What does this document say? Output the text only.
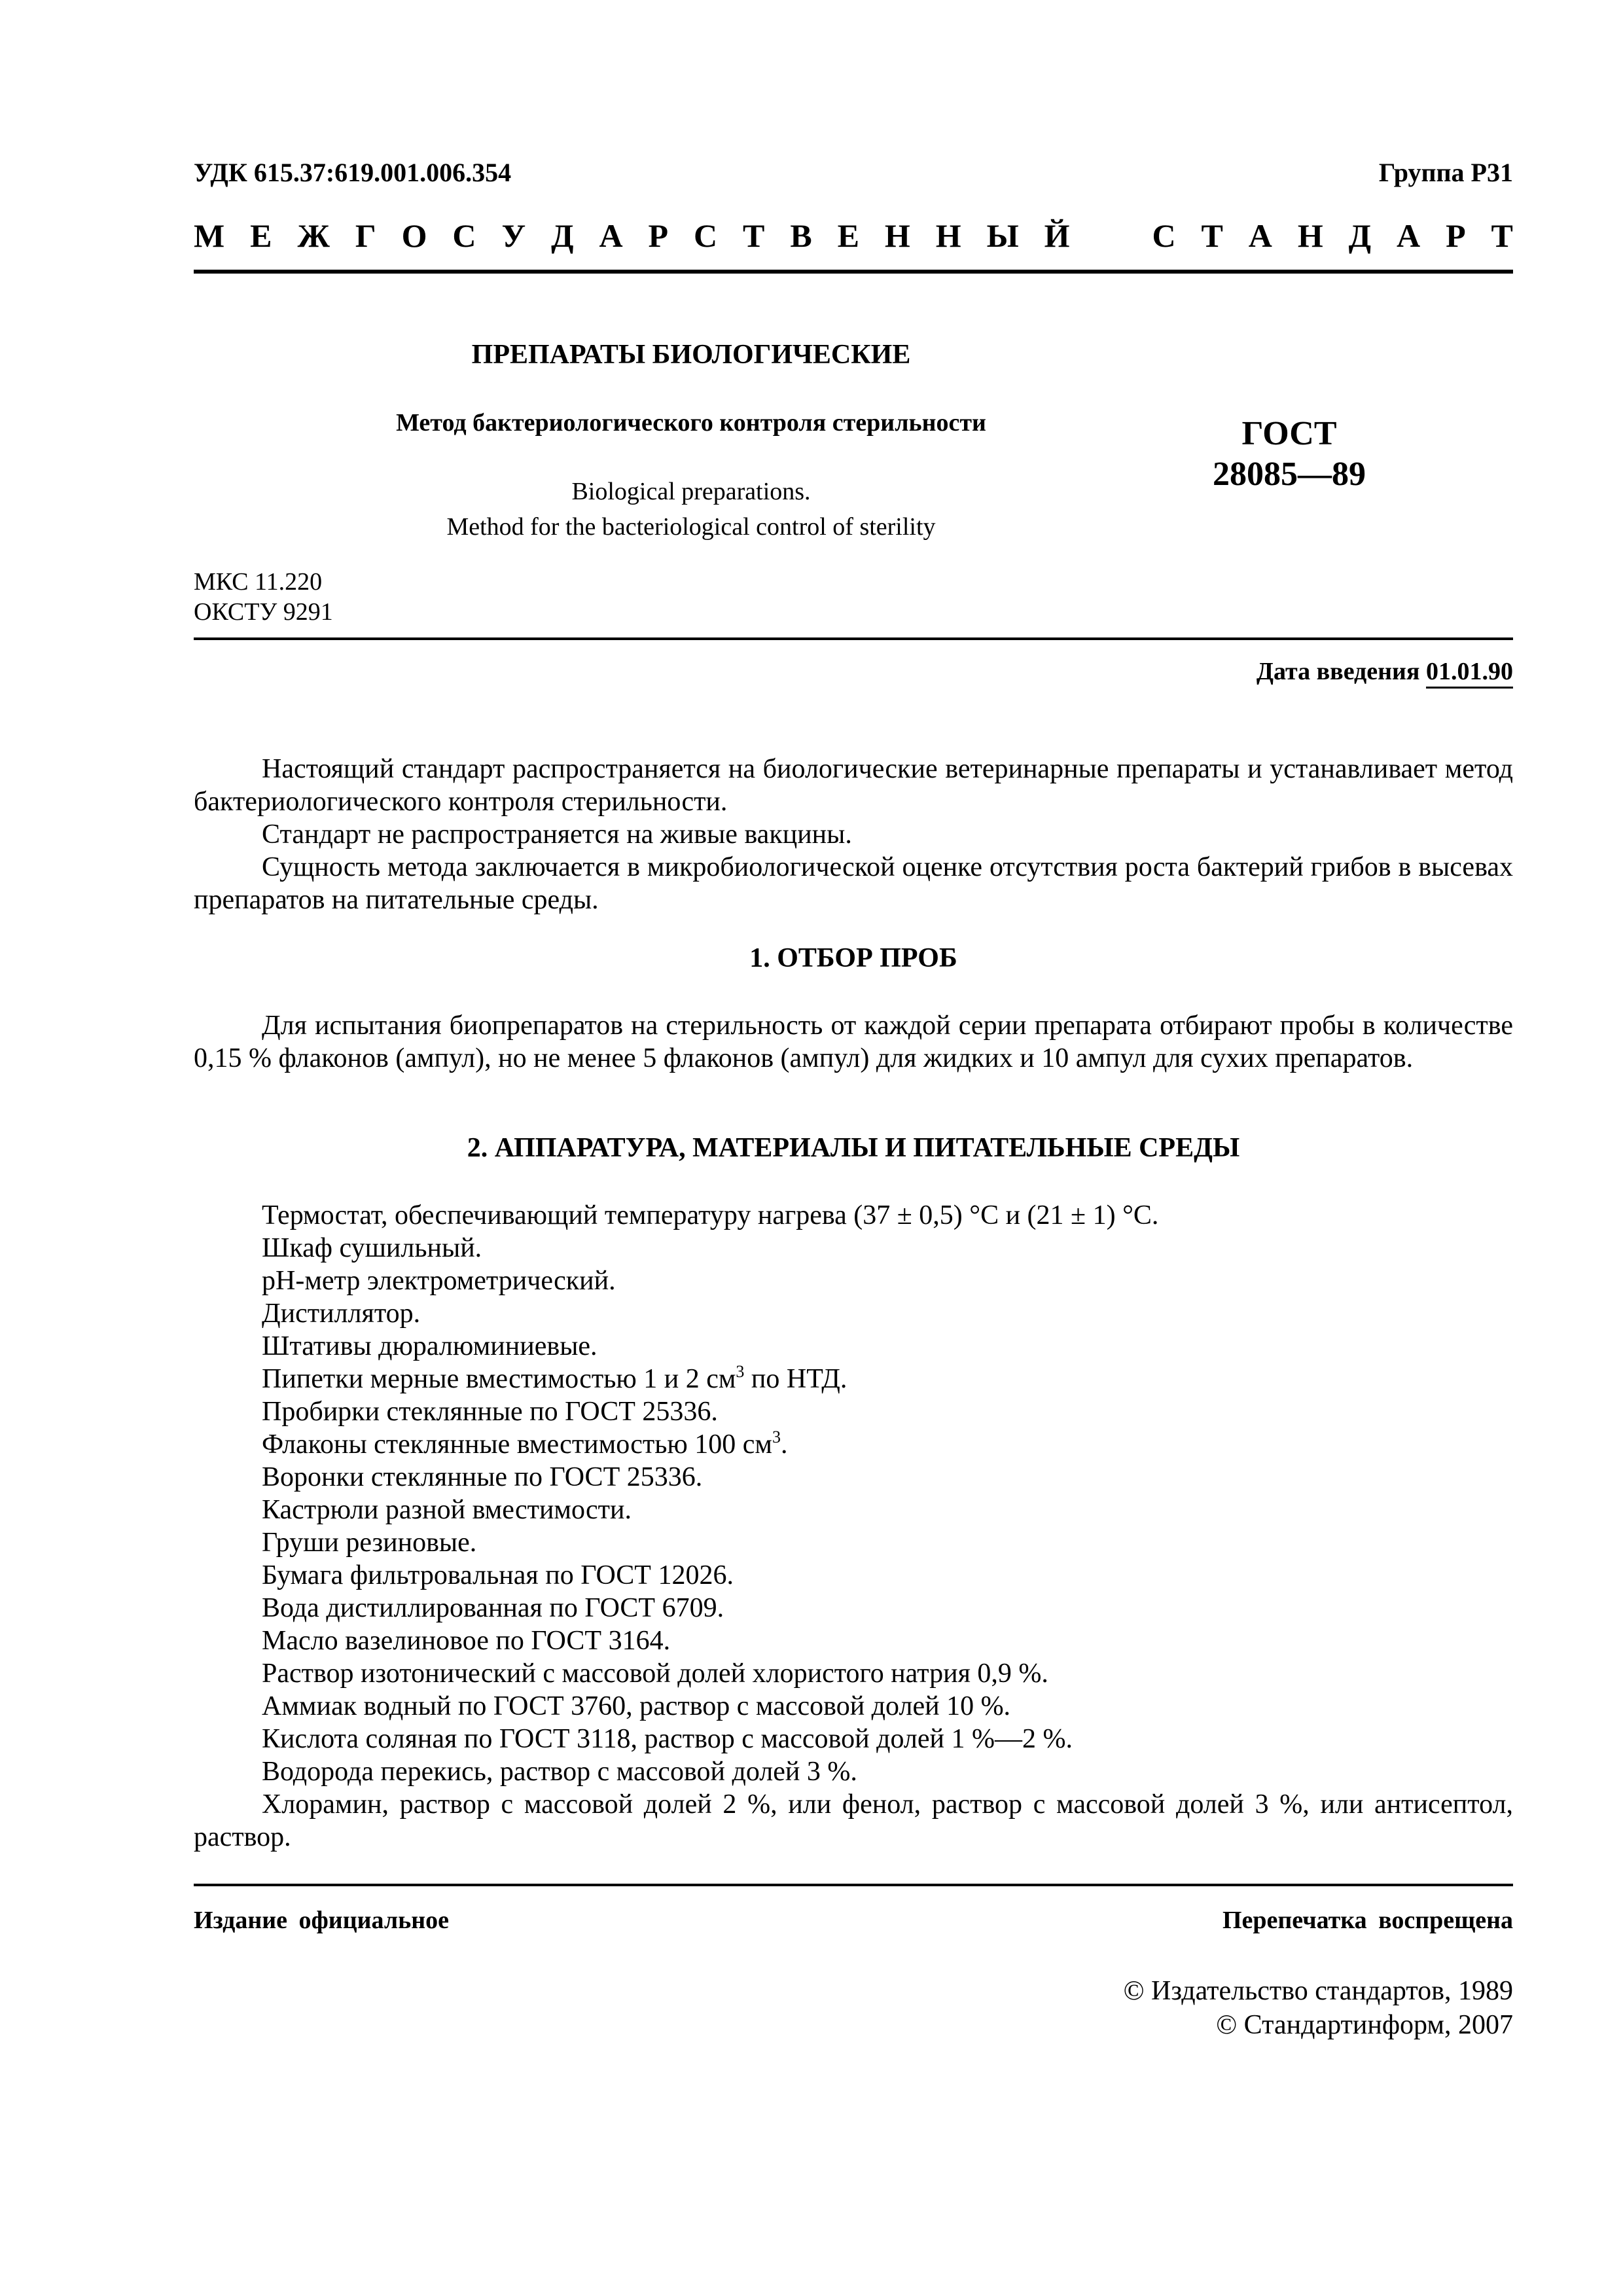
УДК 615.37:619.001.006.354	Группа Р31
М Е Ж Г О С У Д А Р С Т В Е Н Н Ы Й	С Т А Н Д А Р Т
ПРЕПАРАТЫ БИОЛОГИЧЕСКИЕ
Метод бактериологического контроля стерильности
Biological preparations.
Method for the bacteriological control of sterility
ГОСТ
28085—89
МКС 11.220
ОКСТУ 9291
Дата введения 01.01.90

Настоящий стандарт распространяется на биологические ветеринарные препараты и устанавливает метод бактериологического контроля стерильности.

Стандарт не распространяется на живые вакцины.

Сущность метода заключается в микробиологической оценке отсутствия роста бактерий грибов в высевах препаратов на питательные среды.

1. ОТБОР ПРОБ

Для испытания биопрепаратов на стерильность от каждой серии препарата отбирают пробы в количестве 0,15 % флаконов (ампул), но не менее 5 флаконов (ампул) для жидких и 10 ампул для сухих препаратов.

2. АППАРАТУРА, МАТЕРИАЛЫ И ПИТАТЕЛЬНЫЕ СРЕДЫ

Термостат, обеспечивающий температуру нагрева (37 ± 0,5) °С и (21 ± 1) °С.

Шкаф сушильный.

рН-метр электрометрический.

Дистиллятор.

Штативы дюралюминиевые.

Пипетки мерные вместимостью 1 и 2 $см^3$ по НТД.

Пробирки стеклянные по ГОСТ 25336.

Флаконы стеклянные вместимостью 100 $см^3$.

Воронки стеклянные по ГОСТ 25336.

Кастрюли разной вместимости.

Груши резиновые.

Бумага фильтровальная по ГОСТ 12026.

Вода дистиллированная по ГОСТ 6709.

Масло вазелиновое по ГОСТ 3164.

Раствор изотонический с массовой долей хлористого натрия 0,9 %.

Аммиак водный по ГОСТ 3760, раствор с массовой долей 10 %.

Кислота соляная по ГОСТ 3118, раствор с массовой долей 1 %—2 %.

Водорода перекись, раствор с массовой долей 3 %.

Хлорамин, раствор с массовой долей 2 %, или фенол, раствор с массовой долей 3 %, или антисептол, раствор.

Издание официальное	Перепечатка воспрещена
© Издательство стандартов, 1989
© Стандартинформ, 2007
